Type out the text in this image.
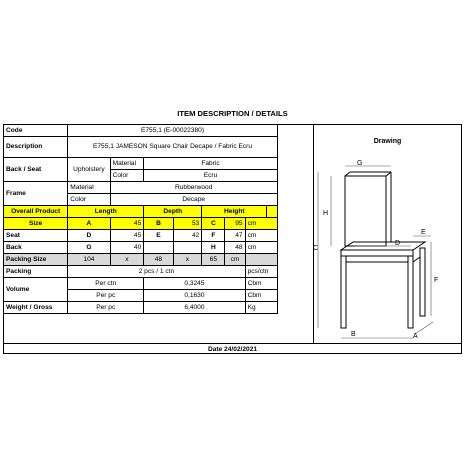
ITEM DESCRIPTION / DETAILS
Code	E755,1 (E-00022380)								
Description	E755,1 JAMESON Square Chair Decape / Fabric Ecru								
Back / Seat	Upholstery	Material	Fabric						
		Color	Ecru						
Frame	Material	Rubberwood							
	Color	Decape							
Overall Product	Length		Depth		Height				
Size	A	45	B	53	C	95	cm		
Seat	D	45	E	42	F	47	cm		
Back	G	40			H	48	cm		
Packing Size	104	x	48	x	65	cm			
Packing	2 pcs / 1 ctn						pcs/ctn		
Volume	Per ctn		0,3245				Cbm		
	Per pc		0,1630				Cbm		
Weight / Gross	Per pc		6,4000				Kg		
Drawing
G
H
C
E
D
F
B	A
Date 24/02/2021
